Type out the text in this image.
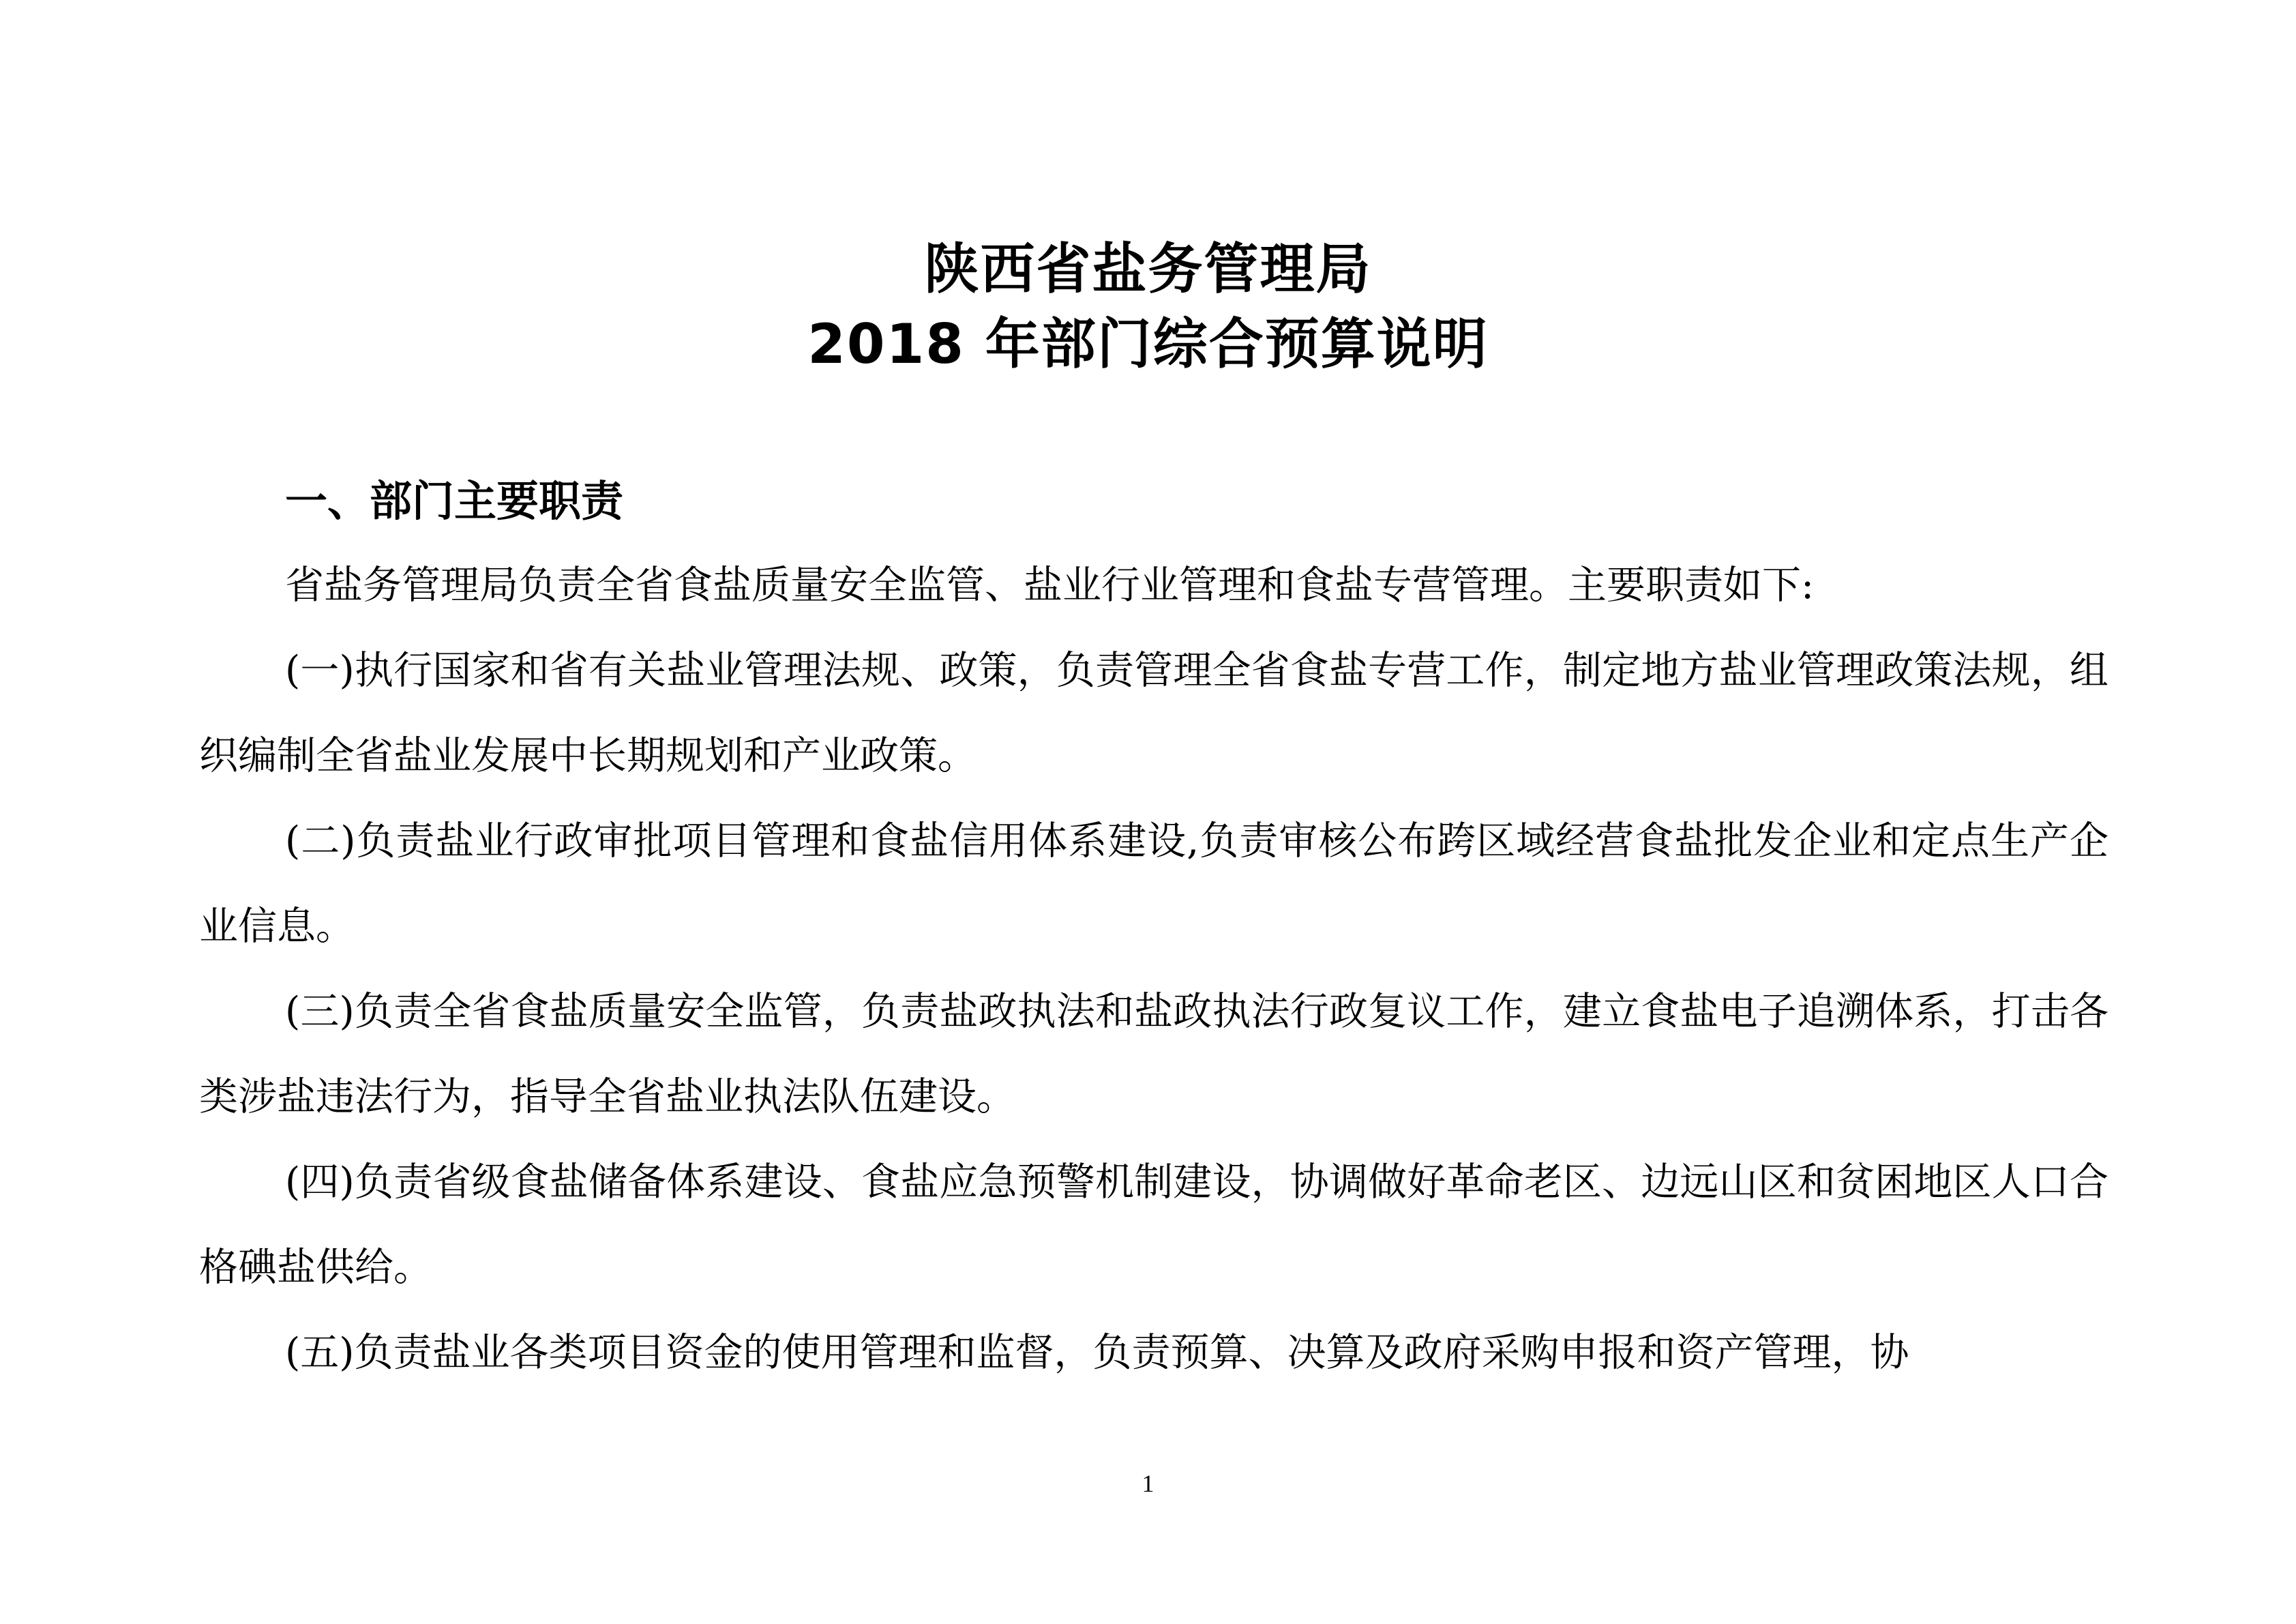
陕西省盐务管理局
2018 年部门综合预算说明
一、部门主要职责

省盐务管理局负责全省食盐质量安全监管、盐业行业管理和食盐专营管理。主要职责如下:

(一)执行国家和省有关盐业管理法规、政策，负责管理全省食盐专营工作，制定地方盐业管理政策法规，组织编制全省盐业发展中长期规划和产业政策。

(二)负责盐业行政审批项目管理和食盐信用体系建设,负责审核公布跨区域经营食盐批发企业和定点生产企业信息。

(三)负责全省食盐质量安全监管，负责盐政执法和盐政执法行政复议工作，建立食盐电子追溯体系，打击各类涉盐违法行为，指导全省盐业执法队伍建设。

(四)负责省级食盐储备体系建设、食盐应急预警机制建设，协调做好革命老区、边远山区和贫困地区人口合格碘盐供给。

(五)负责盐业各类项目资金的使用管理和监督，负责预算、决算及政府采购申报和资产管理，协

1
